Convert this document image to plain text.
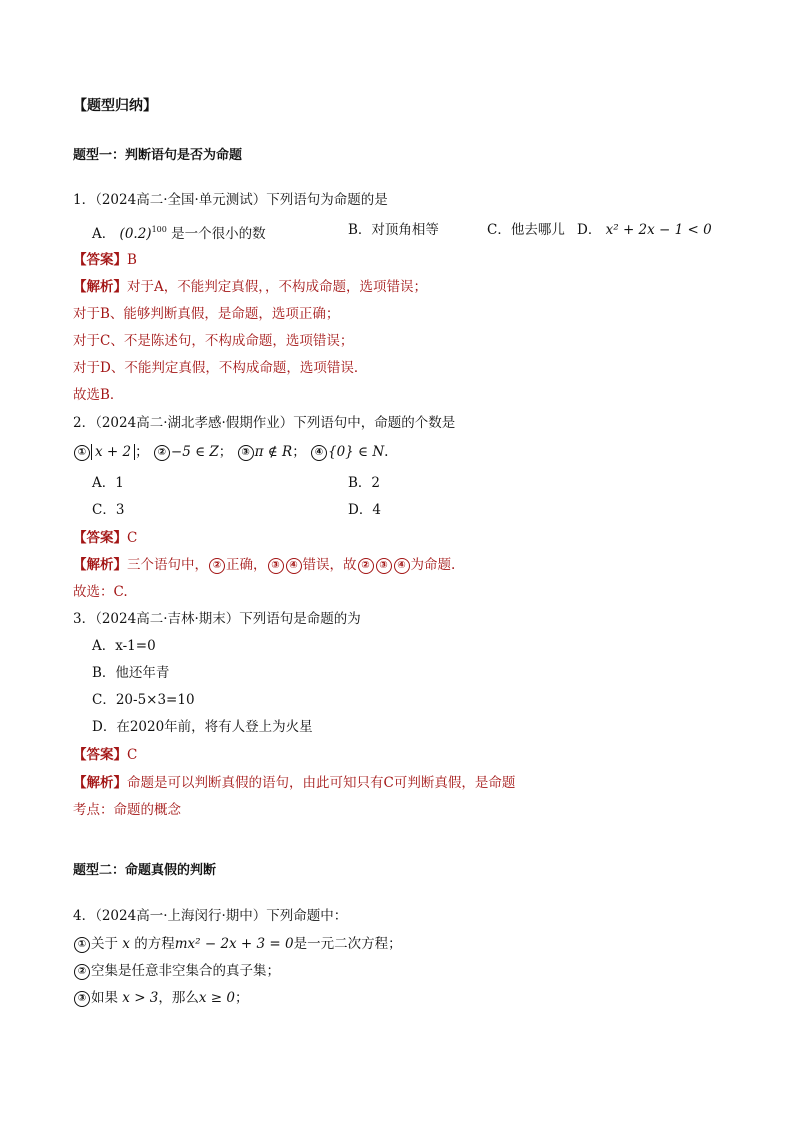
【题型归纳】
题型一：判断语句是否为命题
1．（2024高二·全国·单元测试）下列语句为命题的是
A． $(0.2)^{100}$ 是一个很小的数	B．对顶角相等	C．他去哪儿 D． x² + 2x − 1 < 0
【答案】B
【解析】对于A，不能判定真假，，不构成命题，选项错误；
对于B、能够判断真假，是命题，选项正确；
对于C、不是陈述句，不构成命题，选项错误；
对于D、不能判定真假，不构成命题，选项错误．
故选B．
2．（2024高二·湖北孝感·假期作业）下列语句中，命题的个数是
① x + 2 ； ② −5 ∈ Z； ③ π ∉ R； ④ {0} ∈ N.
A．1	B．2
C．3	D．4
【答案】C
【解析】三个语句中， ② 正确， ③ ④ 错误，故 ② ③ ④ 为命题.
故选：C.
3．（2024高二·吉林·期末）下列语句是命题的为
A．x-1=0
B．他还年青
C．20-5×3=10
D．在2020年前，将有人登上为火星
【答案】C
【解析】命题是可以判断真假的语句，由此可知只有C可判断真假，是命题
考点：命题的概念
题型二：命题真假的判断
4．（2024高一·上海闵行·期中）下列命题中：
① 关于 x 的方程mx² − 2x + 3 = 0是一元二次方程；
② 空集是任意非空集合的真子集；
③ 如果 x > 3，那么x ≥ 0；
